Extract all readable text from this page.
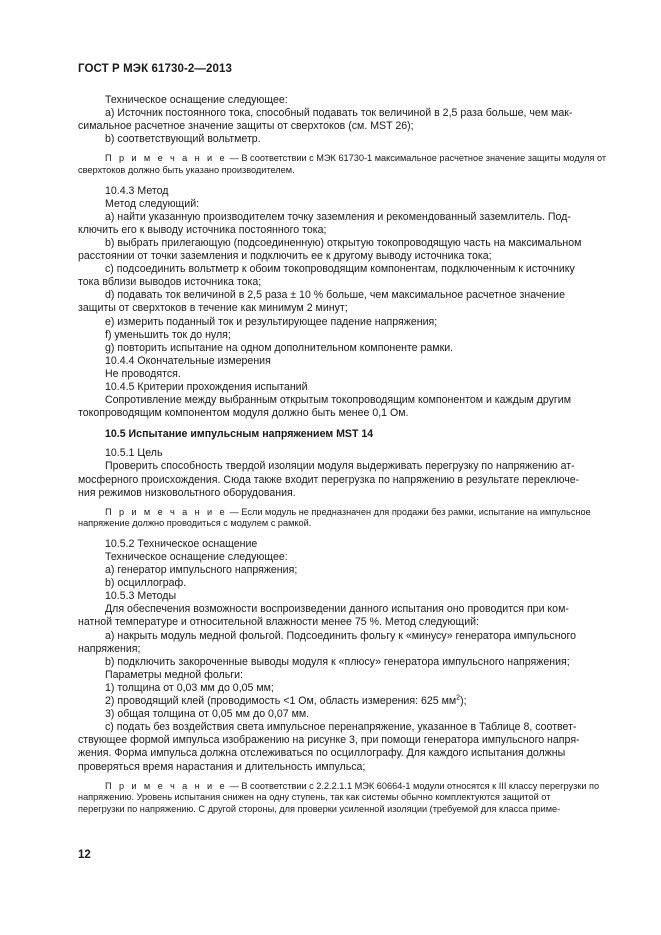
ГОСТ Р МЭК 61730-2—2013
Техническое оснащение следующее:
a) Источник постоянного тока, способный подавать ток величиной в 2,5 раза больше, чем мак-
симальное расчетное значение защиты от сверхтоков (см. MST 26);
b) соответствующий вольтметр.
П р и м е ч а н и е — В соответствии с МЭК 61730-1 максимальное расчетное значение защиты модуля от

сверхтоков должно быть указано производителем.
10.4.3 Метод
Метод следующий:
a) найти указанную производителем точку заземления и рекомендованный заземлитель. Под-
ключить его к выводу источника постоянного тока;
b) выбрать прилегающую (подсоединенную) открытую токопроводящую часть на максимальном
расстоянии от точки заземления и подключить ее к другому выводу источника тока;
c) подсоединить вольтметр к обоим токопроводящим компонентам, подключенным к источнику
тока вблизи выводов источника тока;
d) подавать ток величиной в 2,5 раза ± 10 % больше, чем максимальное расчетное значение
защиты от сверхтоков в течение как минимум 2 минут;
e) измерить поданный ток и результирующее падение напряжения;
f) уменьшить ток до нуля;
g) повторить испытание на одном дополнительном компоненте рамки.
10.4.4 Окончательные измерения
Не проводятся.
10.4.5 Критерии прохождения испытаний
Сопротивление между выбранным открытым токопроводящим компонентом и каждым другим
токопроводящим компонентом модуля должно быть менее 0,1 Ом.
10.5 Испытание импульсным напряжением MST 14
10.5.1 Цель
Проверить способность твердой изоляции модуля выдерживать перегрузку по напряжению ат-
мосферного происхождения. Сюда также входит перегрузка по напряжению в результате переключе-
ния режимов низковольтного оборудования.
П р и м е ч а н и е — Если модуль не предназначен для продажи без рамки, испытание на импульсное

напряжение должно проводиться с модулем с рамкой.
10.5.2 Техническое оснащение
Техническое оснащение следующее:
a) генератор импульсного напряжения;
b) осциллограф.
10.5.3 Методы
Для обеспечения возможности воспроизведении данного испытания оно проводится при ком-
натной температуре и относительной влажности менее 75 %. Метод следующий:
a) накрыть модуль медной фольгой. Подсоединить фольгу к «минусу» генератора импульсного
напряжения;
b) подключить закороченные выводы модуля к «плюсу» генератора импульсного напряжения;
Параметры медной фольги:
1) толщина от 0,03 мм до 0,05 мм;
2) проводящий клей (проводимость <1 Ом, область измерения: 625 $мм^2$);
3) общая толщина от 0,05 мм до 0,07 мм.
c) подать без воздействия света импульсное перенапряжение, указанное в Таблице 8, соответ-
ствующее формой импульса изображению на рисунке 3, при помощи генератора импульсного напря-
жения. Форма импульса должна отслеживаться по осциллографу. Для каждого испытания должны
проверяться время нарастания и длительность импульса;
П р и м е ч а н и е — В соответствии с 2.2.2.1.1 МЭК 60664-1 модули относятся к III классу перегрузки по

напряжению. Уровень испытания снижен на одну ступень, так как системы обычно комплектуются защитой от
перегрузки по напряжению. С другой стороны, для проверки усиленной изоляции (требуемой для класса приме-
12
